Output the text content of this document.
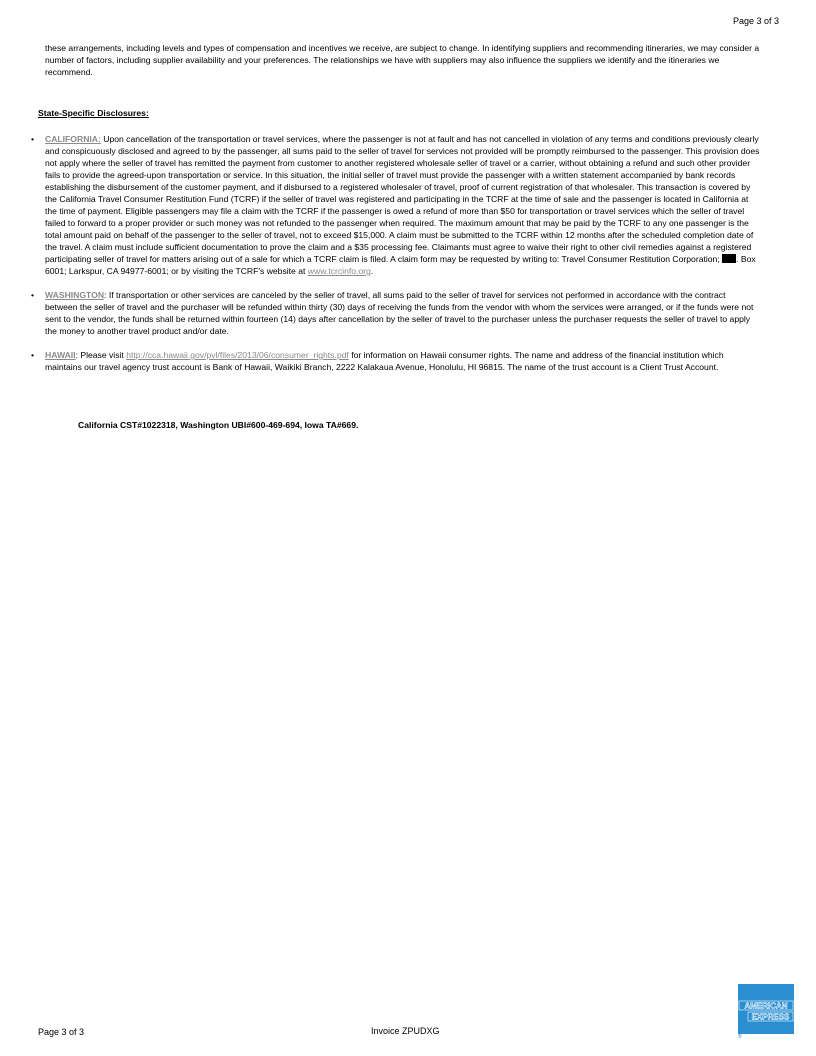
Page 3 of 3

these arrangements, including levels and types of compensation and incentives we receive, are subject to change. In identifying suppliers and recommending itineraries, we may consider a number of factors, including supplier availability and your preferences. The relationships we have with suppliers may also influence the suppliers we identify and the itineraries we recommend.

State-Specific Disclosures:
• CALIFORNIA: Upon cancellation of the transportation or travel services, where the passenger is not at fault and has not cancelled in violation of any terms and conditions previously clearly and conspicuously disclosed and agreed to by the passenger, all sums paid to the seller of travel for services not provided will be promptly reimbursed to the passenger. This provision does not apply where the seller of travel has remitted the payment from customer to another registered wholesale seller of travel or a carrier, without obtaining a refund and such other provider fails to provide the agreed-upon transportation or service. In this situation, the initial seller of travel must provide the passenger with a written statement accompanied by bank records establishing the disbursement of the customer payment, and if disbursed to a registered wholesaler of travel, proof of current registration of that wholesaler. This transaction is covered by the California Travel Consumer Restitution Fund (TCRF) if the seller of travel was registered and participating in the TCRF at the time of sale and the passenger is located in California at the time of payment. Eligible passengers may file a claim with the TCRF if the passenger is owed a refund of more than $50 for transportation or travel services which the seller of travel failed to forward to a proper provider or such money was not refunded to the passenger when required. The maximum amount that may be paid by the TCRF to any one passenger is the total amount paid on behalf of the passenger to the seller of travel, not to exceed $15,000. A claim must be submitted to the TCRF within 12 months after the scheduled completion date of the travel. A claim must include sufficient documentation to prove the claim and a $35 processing fee. Claimants must agree to waive their right to other civil remedies against a registered participating seller of travel for matters arising out of a sale for which a TCRF claim is filed. A claim form may be requested by writing to: Travel Consumer Restitution Corporation; . Box 6001; Larkspur, CA 94977-6001; or by visiting the TCRF's website at www.tcrcinfo.org.
• WASHINGTON: If transportation or other services are canceled by the seller of travel, all sums paid to the seller of travel for services not performed in accordance with the contract between the seller of travel and the purchaser will be refunded within thirty (30) days of receiving the funds from the vendor with whom the services were arranged, or if the funds were not sent to the vendor, the funds shall be returned within fourteen (14) days after cancellation by the seller of travel to the purchaser unless the purchaser requests the seller of travel to apply the money to another travel product and/or date.
• HAWAII: Please visit http://cca.hawaii.gov/pvl/files/2013/06/consumer_rights.pdf for information on Hawaii consumer rights. The name and address of the financial institution which maintains our travel agency trust account is Bank of Hawaii, Waikiki Branch, 2222 Kalakaua Avenue, Honolulu, HI 96815. The name of the trust account is a Client Trust Account.
California CST#1022318, Washington UBI#600-469-694, Iowa TA#669.
Page 3 of 3	Invoice ZPUDXG
AMERICAN
EXPRESS
®
